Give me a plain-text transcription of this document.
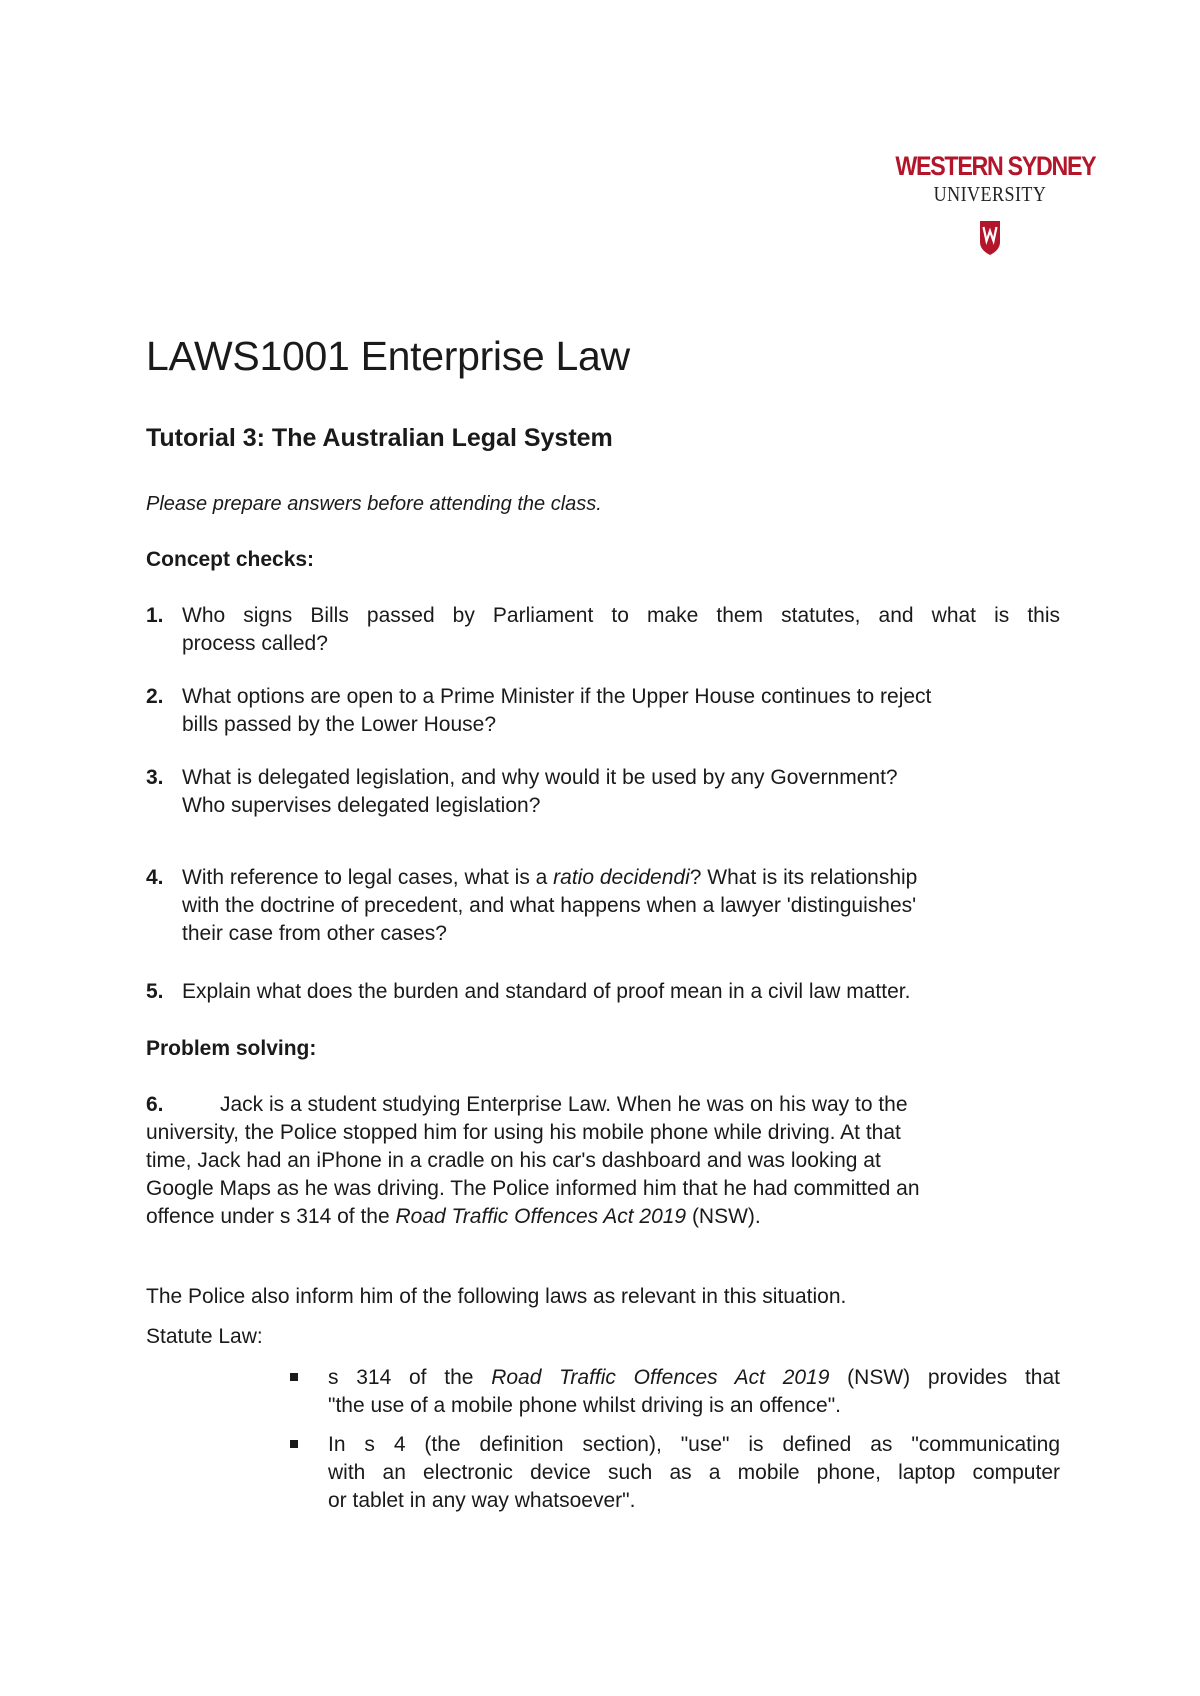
WESTERN SYDNEY
UNIVERSITY
LAWS1001 Enterprise Law
Tutorial 3: The Australian Legal System
Please prepare answers before attending the class.
Concept checks:
1. Who signs Bills passed by Parliament to make them statutes, and what is this
process called?
2. What options are open to a Prime Minister if the Upper House continues to reject
bills passed by the Lower House?
3. What is delegated legislation, and why would it be used by any Government?
Who supervises delegated legislation?
4. With reference to legal cases, what is a ratio decidendi? What is its relationship
with the doctrine of precedent, and what happens when a lawyer 'distinguishes'
their case from other cases?
5. Explain what does the burden and standard of proof mean in a civil law matter.
Problem solving:
6.	Jack is a student studying Enterprise Law. When he was on his way to the
university, the Police stopped him for using his mobile phone while driving. At that
time, Jack had an iPhone in a cradle on his car's dashboard and was looking at
Google Maps as he was driving. The Police informed him that he had committed an
offence under s 314 of the Road Traffic Offences Act 2019 (NSW).
The Police also inform him of the following laws as relevant in this situation.
Statute Law:
s 314 of the Road Traffic Offences Act 2019 (NSW) provides that
"the use of a mobile phone whilst driving is an offence".
In s 4 (the definition section), "use" is defined as "communicating
with an electronic device such as a mobile phone, laptop computer
or tablet in any way whatsoever".
